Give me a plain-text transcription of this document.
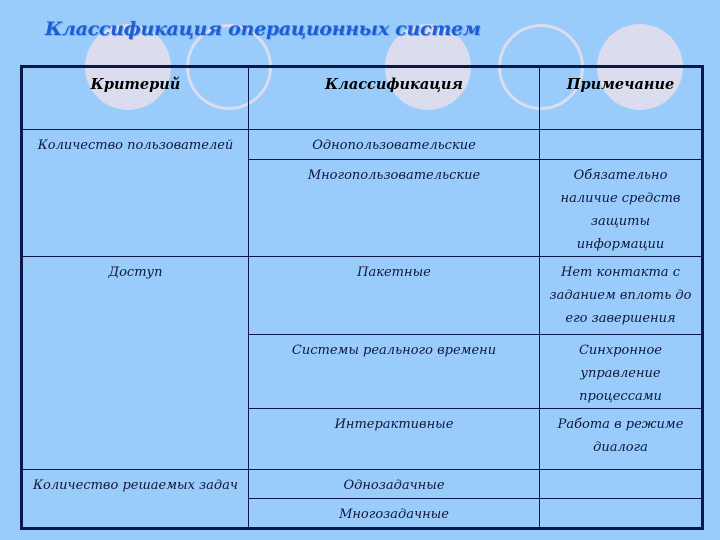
Классификация операционных систем
Критерий	Классификация	Примечание
Количество пользователей	Однопользовательские	
	Многопользовательские	Обязательно наличие средств защиты информации
Доступ	Пакетные	Нет контакта с заданием вплоть до его завершения
	Системы реального времени	Синхронное управление процессами
	Интерактивные	Работа в режиме диалога
Количество решаемых задач	Однозадачные	
	Многозадачные	
